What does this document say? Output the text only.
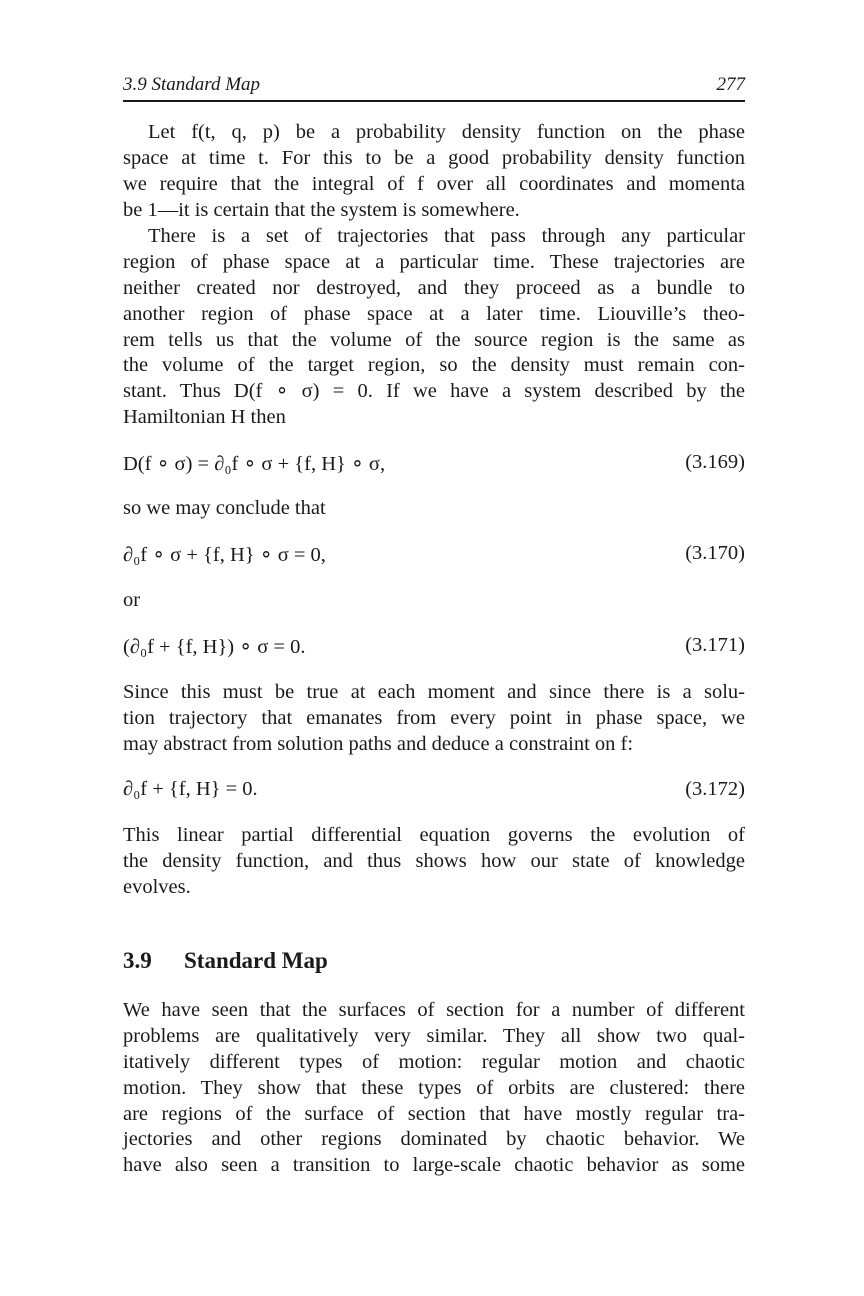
3.9 Standard Map	277
Let f(t, q, p) be a probability density function on the phase
space at time t. For this to be a good probability density function
we require that the integral of f over all coordinates and momenta
be 1—it is certain that the system is somewhere.
There is a set of trajectories that pass through any particular
region of phase space at a particular time. These trajectories are
neither created nor destroyed, and they proceed as a bundle to
another region of phase space at a later time. Liouville’s theo-
rem tells us that the volume of the source region is the same as
the volume of the target region, so the density must remain con-
stant. Thus D(f ∘ σ) = 0. If we have a system described by the
Hamiltonian H then
D(f ∘ σ) = ∂₀f ∘ σ + {f, H} ∘ σ,	(3.169)
so we may conclude that
∂₀f ∘ σ + {f, H} ∘ σ = 0,	(3.170)
or
(∂₀f + {f, H}) ∘ σ = 0.	(3.171)
Since this must be true at each moment and since there is a solu-
tion trajectory that emanates from every point in phase space, we
may abstract from solution paths and deduce a constraint on f:
∂₀f + {f, H} = 0.	(3.172)
This linear partial differential equation governs the evolution of
the density function, and thus shows how our state of knowledge
evolves.
3.9 Standard Map
We have seen that the surfaces of section for a number of different
problems are qualitatively very similar. They all show two qual-
itatively different types of motion: regular motion and chaotic
motion. They show that these types of orbits are clustered: there
are regions of the surface of section that have mostly regular tra-
jectories and other regions dominated by chaotic behavior. We
have also seen a transition to large-scale chaotic behavior as some
